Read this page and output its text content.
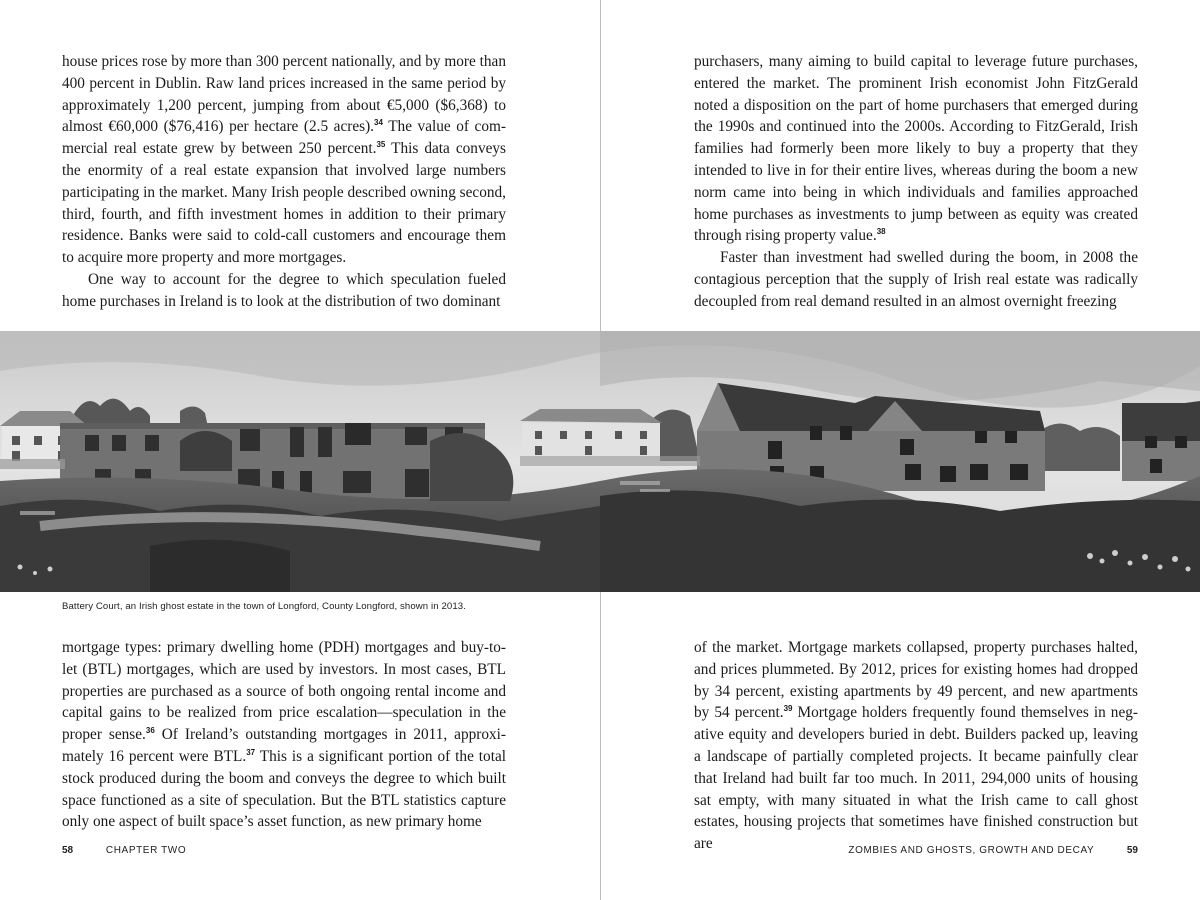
house prices rose by more than 300 percent nationally, and by more than 400 percent in Dublin. Raw land prices increased in the same period by approximately 1,200 percent, jumping from about €5,000 ($6,368) to almost €60,000 ($76,416) per hectare (2.5 acres).$^{34}$ The value of commercial real estate grew by between 250 percent.$^{35}$ This data conveys the enormity of a real estate expansion that involved large numbers participating in the market. Many Irish people described owning second, third, fourth, and fifth investment homes in addition to their primary residence. Banks were said to cold-call customers and encourage them to acquire more property and more mortgages.

One way to account for the degree to which speculation fueled home purchases in Ireland is to look at the distribution of two dominant

mortgage types: primary dwelling home (PDH) mortgages and buy-to-let (BTL) mortgages, which are used by investors. In most cases, BTL properties are purchased as a source of both ongoing rental income and capital gains to be realized from price escalation—speculation in the proper sense.$^{36}$ Of Ireland’s outstanding mortgages in 2011, approximately 16 percent were BTL.$^{37}$ This is a significant portion of the total stock produced during the boom and conveys the degree to which built space functioned as a site of speculation. But the BTL statistics capture only one aspect of built space’s asset function, as new primary home

58	CHAPTER TWO

purchasers, many aiming to build capital to leverage future purchases, entered the market. The prominent Irish economist John FitzGerald noted a disposition on the part of home purchasers that emerged during the 1990s and continued into the 2000s. According to FitzGerald, Irish families had formerly been more likely to buy a property that they intended to live in for their entire lives, whereas during the boom a new norm came into being in which individuals and families approached home purchases as investments to jump between as equity was created through rising property value.$^{38}$

Faster than investment had swelled during the boom, in 2008 the contagious perception that the supply of Irish real estate was radically decoupled from real demand resulted in an almost overnight freezing

of the market. Mortgage markets collapsed, property purchases halted, and prices plummeted. By 2012, prices for existing homes had dropped by 34 percent, existing apartments by 49 percent, and new apartments by 54 percent.$^{39}$ Mortgage holders frequently found themselves in negative equity and developers buried in debt. Builders packed up, leaving a landscape of partially completed projects. It became painfully clear that Ireland had built far too much. In 2011, 294,000 units of housing sat empty, with many situated in what the Irish came to call ghost estates, housing projects that sometimes have finished construction but are	ZOMBIES AND GHOSTS, GROWTH AND DECAY	59
Battery Court, an Irish ghost estate in the town of Longford, County Longford, shown in 2013.
